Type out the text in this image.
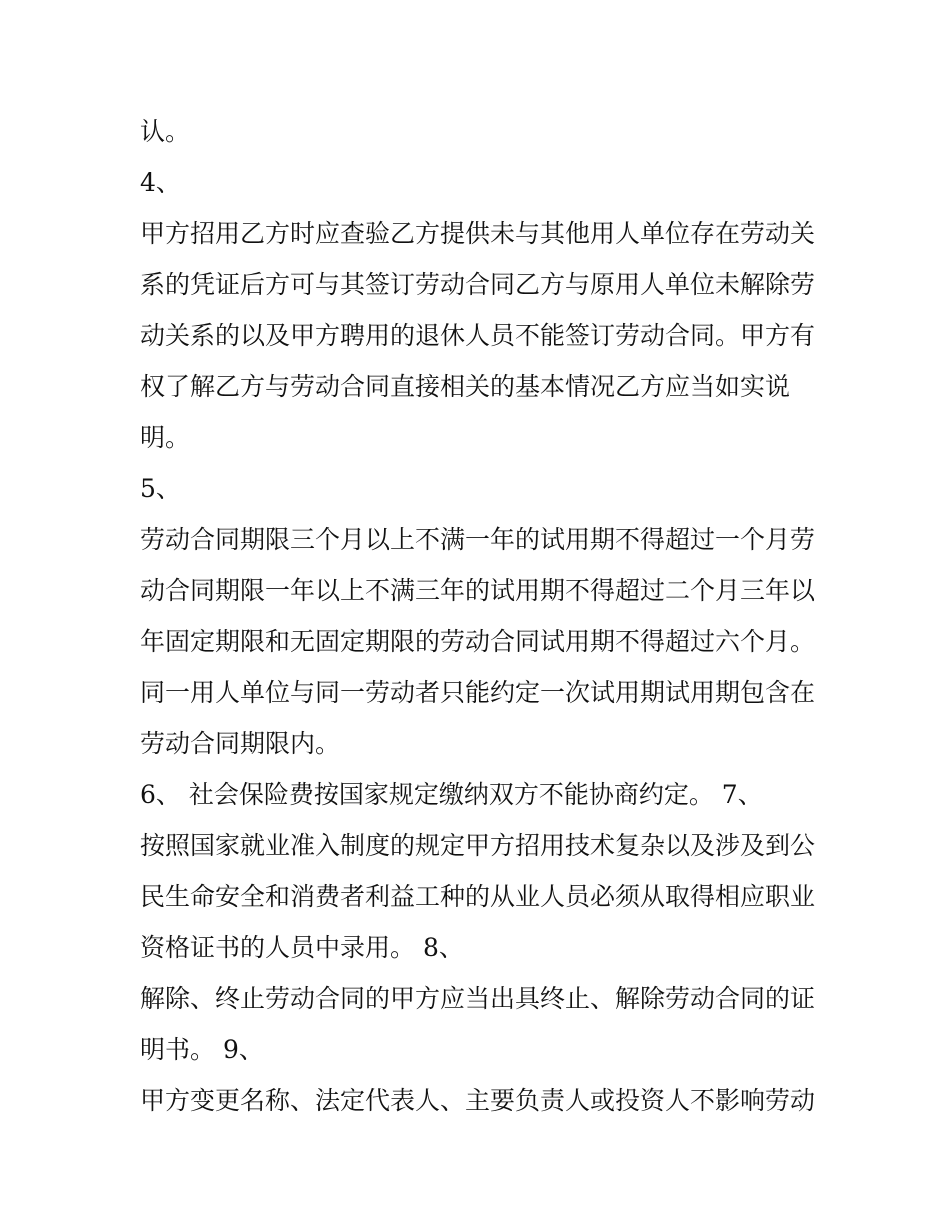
认。
4、
甲方招用乙方时应查验乙方提供未与其他用人单位存在劳动关
系的凭证后方可与其签订劳动合同乙方与原用人单位未解除劳
动关系的以及甲方聘用的退休人员不能签订劳动合同。甲方有
权了解乙方与劳动合同直接相关的基本情况乙方应当如实说
明。
5、
劳动合同期限三个月以上不满一年的试用期不得超过一个月劳
动合同期限一年以上不满三年的试用期不得超过二个月三年以
年固定期限和无固定期限的劳动合同试用期不得超过六个月。
同一用人单位与同一劳动者只能约定一次试用期试用期包含在
劳动合同期限内。
6、 社会保险费按国家规定缴纳双方不能协商约定。 7、
按照国家就业准入制度的规定甲方招用技术复杂以及涉及到公
民生命安全和消费者利益工种的从业人员必须从取得相应职业
资格证书的人员中录用。 8、
解除、终止劳动合同的甲方应当出具终止、解除劳动合同的证
明书。 9、
甲方变更名称、法定代表人、主要负责人或投资人不影响劳动
